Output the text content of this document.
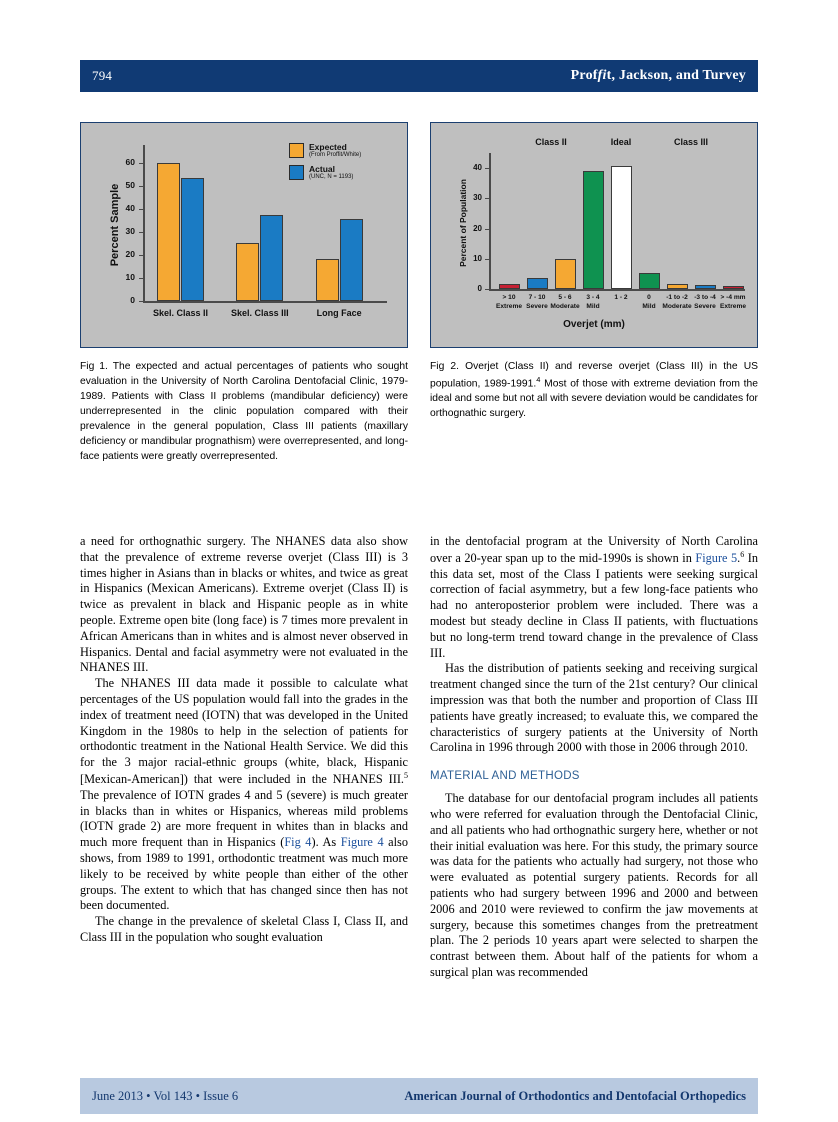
794	Proffit, Jackson, and Turvey
0
10
20
30
40
50
60
Percent Sample
Skel. Class II	Skel. Class III	Long Face
Expected
(From Proffit/White)
Actual
(UNC, N = 1193)
Fig 1. The expected and actual percentages of patients who sought evaluation in the University of North Carolina Dentofacial Clinic, 1979-1989. Patients with Class II problems (mandibular deficiency) were underrepresented in the clinic population compared with their prevalence in the general population, Class III patients (maxillary deficiency or mandibular prognathism) were overrepresented, and long-face patients were greatly overrepresented.
0
10
20
30
40
Percent of Population
> 10
Extreme
7 - 10
Severe
5 - 6
Moderate
3 - 4
Mild
1 - 2	0
Mild
-1 to -2
Moderate
-3 to -4
Severe
> -4 mm
Extreme
Class II	Ideal	Class III
Overjet (mm)
Fig 2. Overjet (Class II) and reverse overjet (Class III) in the US population, 1989-1991.$^4$ Most of those with extreme deviation from the ideal and some but not all with severe deviation would be candidates for orthognathic surgery.

a need for orthognathic surgery. The NHANES data also show that the prevalence of extreme reverse overjet (Class III) is 3 times higher in Asians than in blacks or whites, and twice as great in Hispanics (Mexican Americans). Extreme overjet (Class II) is twice as prevalent in black and Hispanic people as in white people. Extreme open bite (long face) is 7 times more prevalent in African Americans than in whites and is almost never observed in Hispanics. Dental and facial asymmetry were not evaluated in the NHANES III.

The NHANES III data made it possible to calculate what percentages of the US population would fall into the grades in the index of treatment need (IOTN) that was developed in the United Kingdom in the 1980s to help in the selection of patients for orthodontic treatment in the National Health Service. We did this for the 3 major racial-ethnic groups (white, black, Hispanic [Mexican-American]) that were included in the NHANES III.$^5$ The prevalence of IOTN grades 4 and 5 (severe) is much greater in blacks than in whites or Hispanics, whereas mild problems (IOTN grade 2) are more frequent in whites than in blacks and much more frequent than in Hispanics (Fig 4). As Figure 4 also shows, from 1989 to 1991, orthodontic treatment was much more likely to be received by white people than either of the other groups. The extent to which that has changed since then has not been documented.

The change in the prevalence of skeletal Class I, Class II, and Class III in the population who sought evaluation

in the dentofacial program at the University of North Carolina over a 20-year span up to the mid-1990s is shown in Figure 5.$^6$ In this data set, most of the Class I patients were seeking surgical correction of facial asymmetry, but a few long-face patients who had no anteroposterior problem were included. There was a modest but steady decline in Class II patients, with fluctuations but no long-term trend toward change in the prevalence of Class III.

Has the distribution of patients seeking and receiving surgical treatment changed since the turn of the 21st century? Our clinical impression was that both the number and proportion of Class III patients have greatly increased; to evaluate this, we compared the characteristics of surgery patients at the University of North Carolina in 1996 through 2000 with those in 2006 through 2010.

MATERIAL AND METHODS

The database for our dentofacial program includes all patients who were referred for evaluation through the Dentofacial Clinic, and all patients who had orthognathic surgery here, whether or not their initial evaluation was here. For this study, the primary source was data for the patients who actually had surgery, not those who were evaluated as potential surgery patients. Records for all patients who had surgery between 1996 and 2000 and between 2006 and 2010 were reviewed to confirm the jaw movements at surgery, because this sometimes changes from the pretreatment plan. The 2 periods 10 years apart were selected to sharpen the contrast between them. About half of the patients for whom a surgical plan was recommended

June 2013 • Vol 143 • Issue 6	American Journal of Orthodontics and Dentofacial Orthopedics
